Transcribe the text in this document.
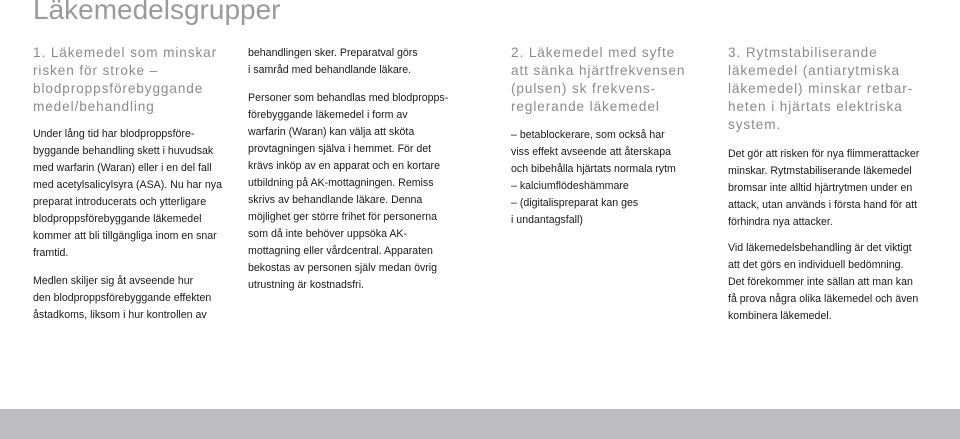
Läkemedelsgrupper
1. Läkemedel som minskar
risken för stroke –
blodproppsförebyggande
medel/behandling
Under lång tid har blodproppsföre-
byggande behandling skett i huvudsak
med warfarin (Waran) eller i en del fall
med acetylsalicylsyra (ASA). Nu har nya
preparat introducerats och ytterligare
blodproppsförebyggande läkemedel
kommer att bli tillgängliga inom en snar
framtid.
Medlen skiljer sig åt avseende hur
den blodproppsförebyggande effekten
åstadkoms, liksom i hur kontrollen av
behandlingen sker. Preparatval görs
i samråd med behandlande läkare.
Personer som behandlas med blodpropps-
förebyggande läkemedel i form av
warfarin (Waran) kan välja att sköta
provtagningen själva i hemmet. För det
krävs inköp av en apparat och en kortare
utbildning på AK-mottagningen. Remiss
skrivs av behandlande läkare. Denna
möjlighet ger större frihet för personerna
som då inte behöver uppsöka AK-
mottagning eller vårdcentral. Apparaten
bekostas av personen själv medan övrig
utrustning är kostnadsfri.
2. Läkemedel med syfte
att sänka hjärtfrekvensen
(pulsen) sk frekvens-
reglerande läkemedel
– betablockerare, som också har
viss effekt avseende att återskapa
och bibehålla hjärtats normala rytm
– kalciumflödeshämmare
– (digitalispreparat kan ges
i undantagsfall)
3. Rytmstabiliserande
läkemedel (antiarytmiska
läkemedel) minskar retbar-
heten i hjärtats elektriska
system.
Det gör att risken för nya flimmerattacker
minskar. Rytmstabiliserande läkemedel
bromsar inte alltid hjärtrytmen under en
attack, utan används i första hand för att
förhindra nya attacker.
Vid läkemedelsbehandling är det viktigt
att det görs en individuell bedömning.
Det förekommer inte sällan att man kan
få prova några olika läkemedel och även
kombinera läkemedel.
